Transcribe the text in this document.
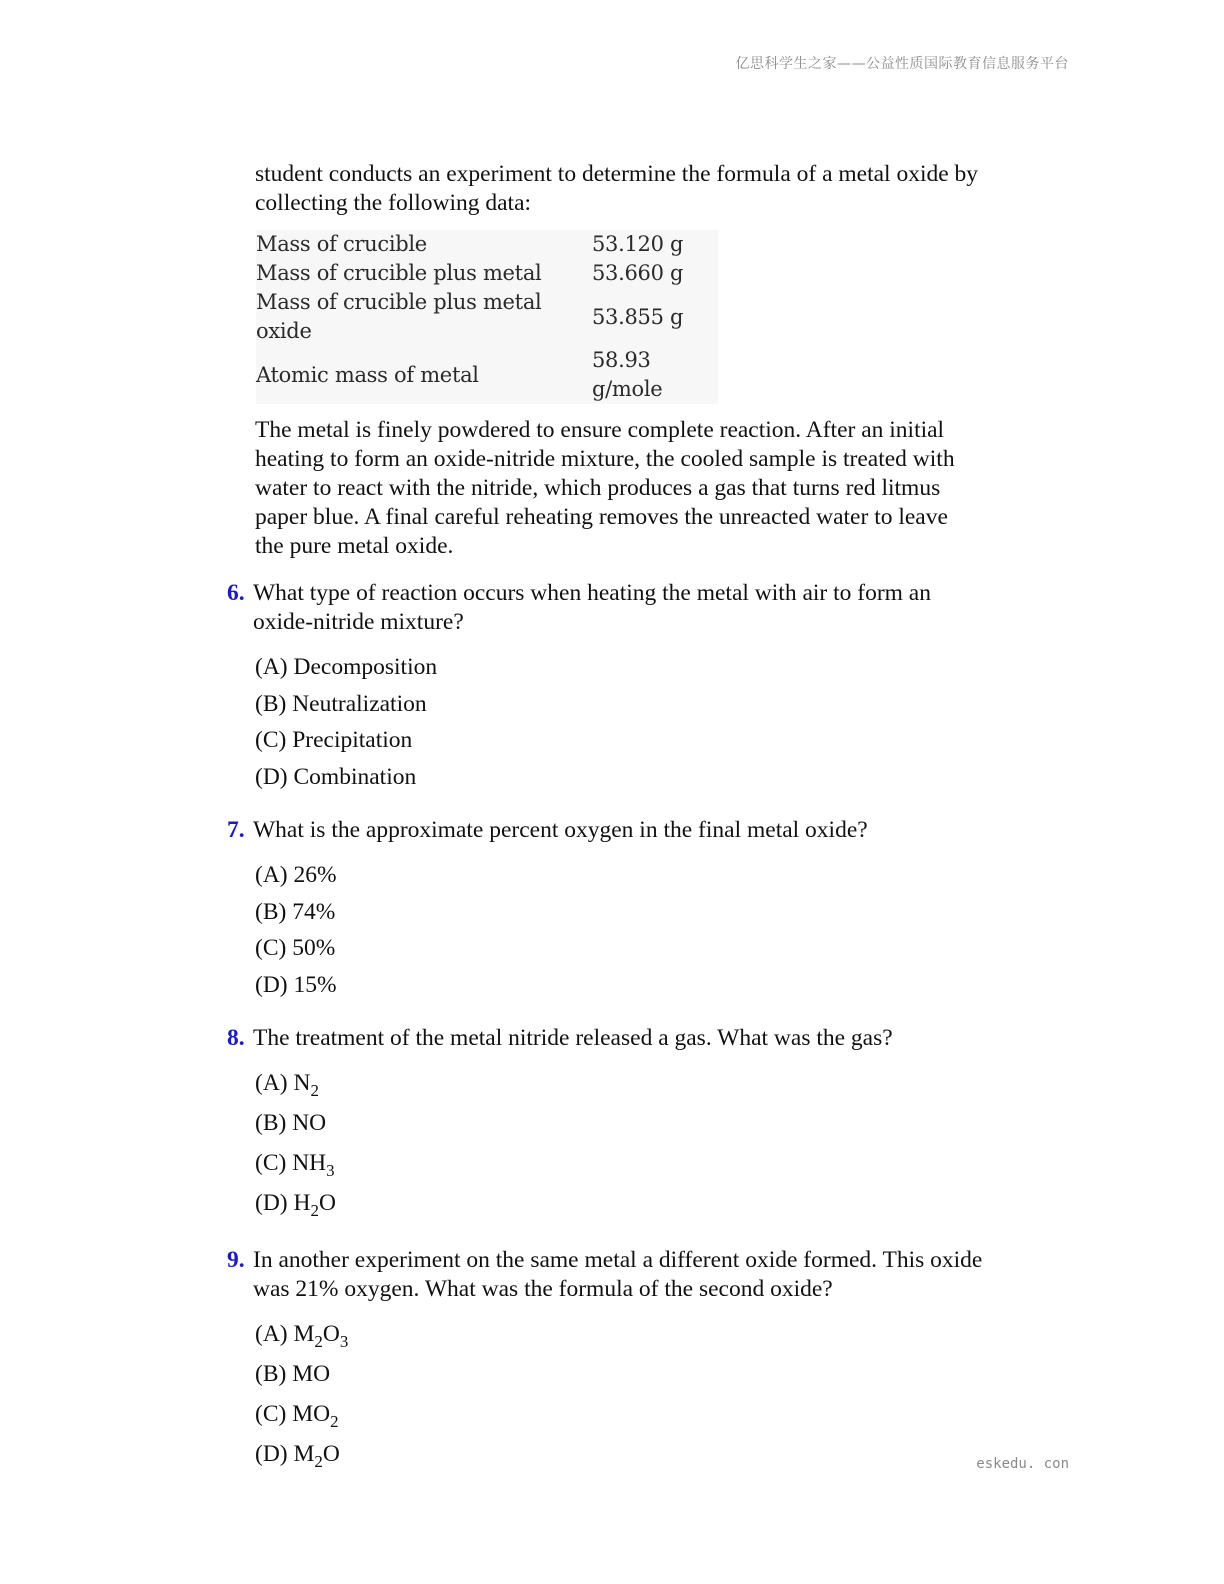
亿思科学生之家——公益性质国际教育信息服务平台

student conducts an experiment to determine the formula of a metal oxide by
collecting the following data:

Mass of crucible	53.120 g
Mass of crucible plus metal	53.660 g
Mass of crucible plus metal oxide	53.855 g
Atomic mass of metal	58.93 g/mole

The metal is finely powdered to ensure complete reaction. After an initial
heating to form an oxide-nitride mixture, the cooled sample is treated with
water to react with the nitride, which produces a gas that turns red litmus
paper blue. A final careful reheating removes the unreacted water to leave
the pure metal oxide.

6. What type of reaction occurs when heating the metal with air to form an
oxide-nitride mixture?

(A) Decomposition
(B) Neutralization
(C) Precipitation
(D) Combination

7. What is the approximate percent oxygen in the final metal oxide?

(A) 26%
(B) 74%
(C) 50%
(D) 15%

8. The treatment of the metal nitride released a gas. What was the gas?

(A) $N_2$
(B) NO
(C) $NH_3$
(D) $H_2O$

9. In another experiment on the same metal a different oxide formed. This oxide
was 21% oxygen. What was the formula of the second oxide?

(A) $M_2O_3$
(B) MO
(C) $MO_2$
(D) $M_2O$	eskedu. con
